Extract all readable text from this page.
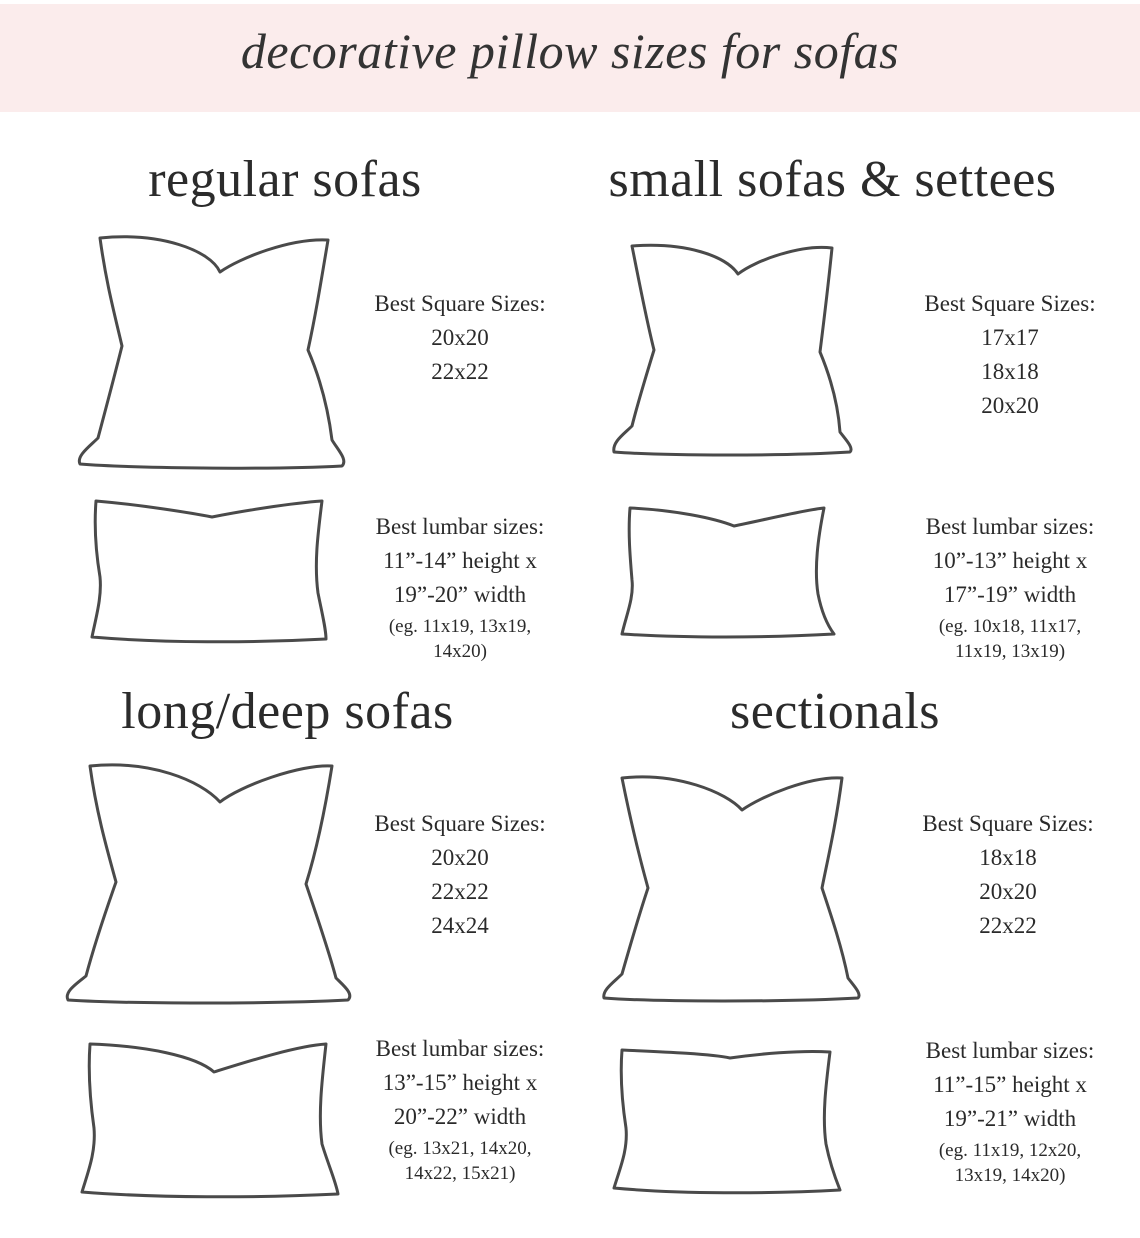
decorative pillow sizes for sofas
regular sofas
Best Square Sizes:
20x20
22x22
Best lumbar sizes:
11”-14” height x
19”-20” width
(eg. 11x19, 13x19,
14x20)
small sofas & settees
Best Square Sizes:
17x17
18x18
20x20
Best lumbar sizes:
10”-13” height x
17”-19” width
(eg. 10x18, 11x17,
11x19, 13x19)
long/deep sofas
Best Square Sizes:
20x20
22x22
24x24
Best lumbar sizes:
13”-15” height x
20”-22” width
(eg. 13x21, 14x20,
14x22, 15x21)
sectionals
Best Square Sizes:
18x18
20x20
22x22
Best lumbar sizes:
11”-15” height x
19”-21” width
(eg. 11x19, 12x20,
13x19, 14x20)
